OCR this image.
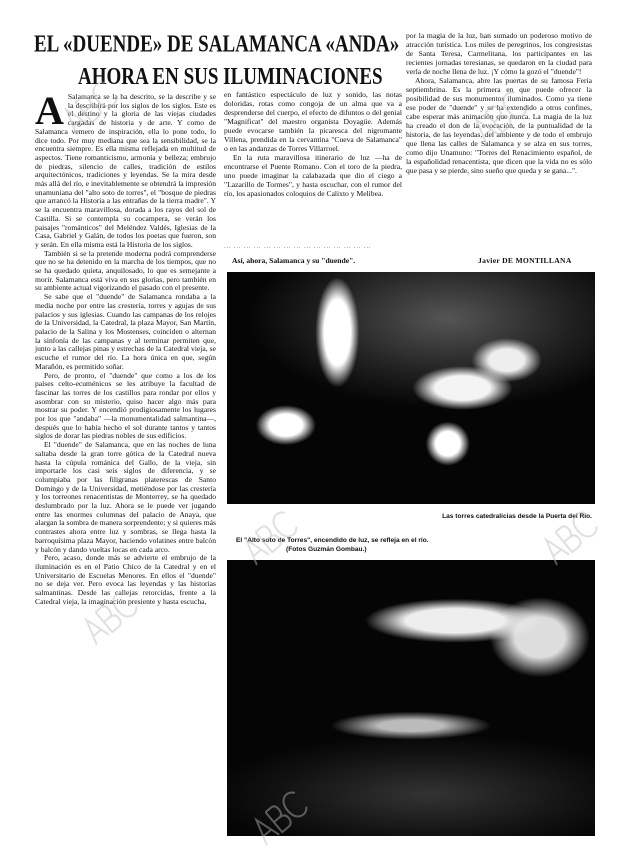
EL «DUENDE» DE SALAMANCA «ANDA»
AHORA EN SUS ILUMINACIONES

A Salamanca se la ha descrito, se la describe y se la describirá por los siglos de los siglos. Este es el destino y la gloria de las viejas ciudades cargadas de historia y de arte. Y como de Salamanca vemero de inspiración, ella lo pone todo, lo dice todo. Por muy mediana que sea la sensibilidad, se la encuentra siempre. Es ella misma reflejada en multitud de aspectos. Tiene romanticismo, armonía y belleza; embrujo de piedras, silencio de calles, tradición de estilos arquitectónicos, tradiciones y leyendas. Se la mira desde más allá del río, e inevitablemente se obtendrá la impresión unamuniana del "alto soto de torres", el "bosque de piedras que arrancó la Historia a las entrañas de la tierra madre". Y se la encuentra maravillosa, dorada a los rayos del sol de Castilla. Si se contempla su cocampera, se verán los paisajes "románticos" del Meléndez Valdés, Iglesias de la Casa, Gabriel y Galán, de todos los poetas que fueron, son y serán. En ella misma está la Historia de los siglos.

También si se la pretende moderna podrá comprenderse que no se ha detenido en la marcha de los tiempos, que no se ha quedado quieta, anquilosado, lo que es semejante a morir. Salamanca está viva en sus glorias, pero también en su ambiente actual vigorizando el pasado con el presente.

Se sabe que el "duende" de Salamanca rondaba a la media noche por entre las crestería, torres y agujas de sus palacios y sus iglesias. Cuando las campanas de los relojes de la Universidad, la Catedral, la plaza Mayor, San Martín, palacio de la Salina y los Mostenses, coinciden o alternan la sinfonía de las campanas y al terminar permiten que, junto a las callejas pinas y estrechas de la Catedral vieja, se escuche el rumor del río. La hora única en que, según Marañón, es permitido soñar.

Pero, de pronto, el "duende" que como a los de los países celto-ecuménicos se les atribuye la facultad de fascinar las torres de los castillos para rondar por ellos y asombrar con su misterio, quiso hacer algo más para mostrar su poder. Y encendió prodigiosamente los lugares por los que "andaba" —la monumentalidad salmantina—, después que lo había hecho el sol durante tantos y tantos siglos de dorar las piedras nobles de sus edificios.

El "duende" de Salamanca, que en las noches de luna saltaba desde la gran torre gótica de la Catedral nueva hasta la cúpula románica del Gallo, de la vieja, sin importarle los casi seis siglos de diferencia, y se columpiaba por las filigranas platerescas de Santo Domingo y de la Universidad, metiéndose por las crestería y los torreones renacentistas de Monterrey, se ha quedado deslumbrado por la luz. Ahora se le puede ver jugando entre las enormes columnas del palacio de Anaya, que alargan la sombra de manera sorprendente; y si quieres más contrastes ahora entre luz y sombras, se llega hasta la barroquísima plaza Mayor, haciendo volatines entre balcón y balcón y dando vueltas locas en cada arco.

Pero, acaso, donde más se advierte el embrujo de la iluminación es en el Patio Chico de la Catedral y en el Universitario de Escuelas Menores. En ellos el "duende" no se deja ver. Pero evoca las leyendas y las historias salmantinas. Desde las callejas retorcidas, frente a la Catedral vieja, la imaginación presiente y hasta escucha,

en fantástico espectáculo de luz y sonido, las notas doloridas, rotas como congoja de un alma que va a desprenderse del cuerpo, el efecto de difuntos o del genial "Magnificat" del maestro organista Doyagüe. Además puede evocarse también la picaresca del nigromante Villena, prendida en la cervantina "Cueva de Salamanca" o en las andanzas de Torres Villarroel.

En la ruta maravillosa itinerario de luz —ha de encontrarse el Puente Romano. Con el toro de la piedra, uno puede imaginar la calabazada que dio el ciego a "Lazarillo de Tormes", y hasta escuchar, con el rumor del río, los apasionados coloquios de Calixto y Melibea.

... ... ... ... ... ... ... ... ... ... ... ... ... ... ...
Así, ahora, Salamanca y su "duende".

por la magia de la luz, han sumado un poderoso motivo de atracción turística. Los miles de peregrinos, los congresistas de Santa Teresa, Carmelitana, los participantes en las recientes jornadas teresianas, se quedaron en la ciudad para verla de noche llena de luz. ¡Y cómo la gozó el "duende"!

Ahora, Salamanca, abre las puertas de su famosa Feria septiembrina. Es la primera en que puede ofrecer la posibilidad de sus monumentos iluminados. Como ya tiene ese poder de "duende" y se ha extendido a otros confines, cabe esperar más animación que nunca. La magia de la luz ha creado el don de la evocación, de la puntualidad de la historia, de las leyendas, del ambiente y de todo el embrujo que llena las calles de Salamanca y se alza en sus torres, como dijo Unamuno: "Torres del Renacimiento español, de la españolidad renacentista, que dicen que la vida no es sólo que pasa y se pierde, sino sueño que queda y se gana...".

Javier DE MONTILLANA
Las torres catedralicias desde la Puerta del Río.
El "Alto soto de Torres", encendido de luz, se refleja en el río.
(Fotos Guzmán Gombau.)
